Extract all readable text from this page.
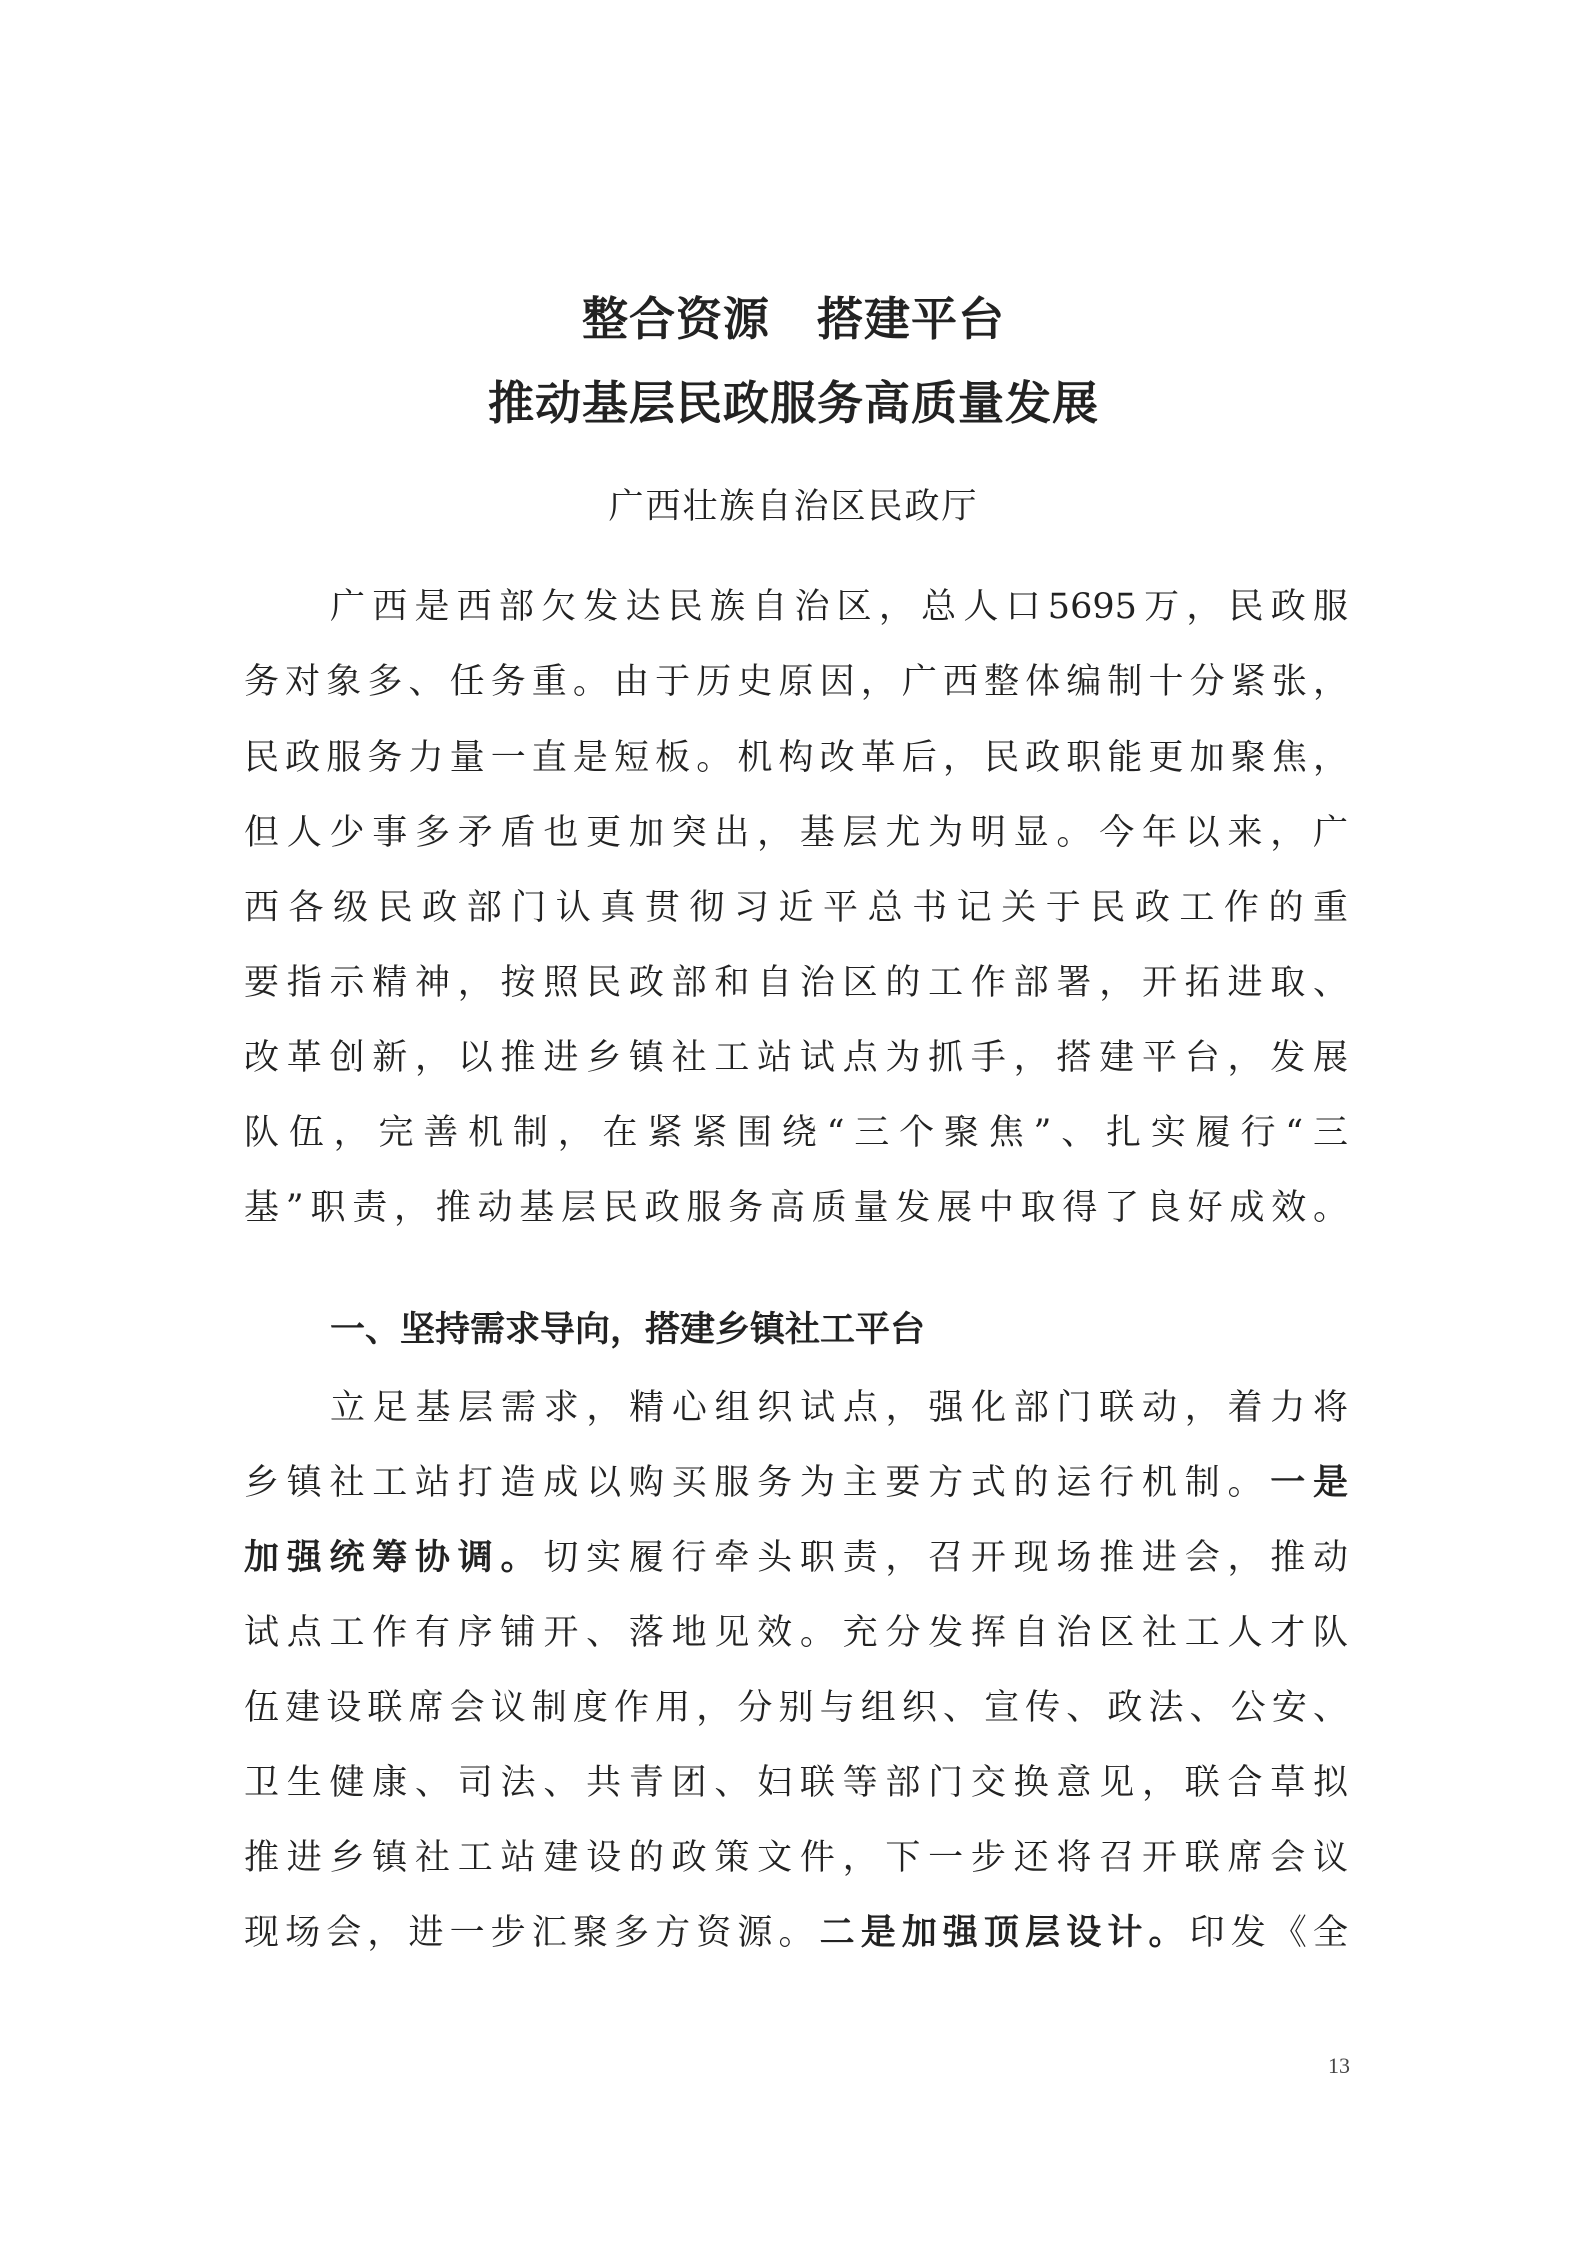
整合资源　搭建平台
推动基层民政服务高质量发展
广西壮族自治区民政厅
广西是西部欠发达民族自治区，总人口5695万，民政服
务对象多、任务重。由于历史原因，广西整体编制十分紧张，
民政服务力量一直是短板。机构改革后，民政职能更加聚焦，
但人少事多矛盾也更加突出，基层尤为明显。今年以来，广
西各级民政部门认真贯彻习近平总书记关于民政工作的重
要指示精神，按照民政部和自治区的工作部署，开拓进取、
改革创新，以推进乡镇社工站试点为抓手，搭建平台，发展
队伍，完善机制，在紧紧围绕“三个聚焦”、扎实履行“三
基”职责，推动基层民政服务高质量发展中取得了良好成效。
一、坚持需求导向，搭建乡镇社工平台
立足基层需求，精心组织试点，强化部门联动，着力将
乡镇社工站打造成以购买服务为主要方式的运行机制。一是
加强统筹协调。切实履行牵头职责，召开现场推进会，推动
试点工作有序铺开、落地见效。充分发挥自治区社工人才队
伍建设联席会议制度作用，分别与组织、宣传、政法、公安、
卫生健康、司法、共青团、妇联等部门交换意见，联合草拟
推进乡镇社工站建设的政策文件，下一步还将召开联席会议
现场会，进一步汇聚多方资源。二是加强顶层设计。印发《全
13
